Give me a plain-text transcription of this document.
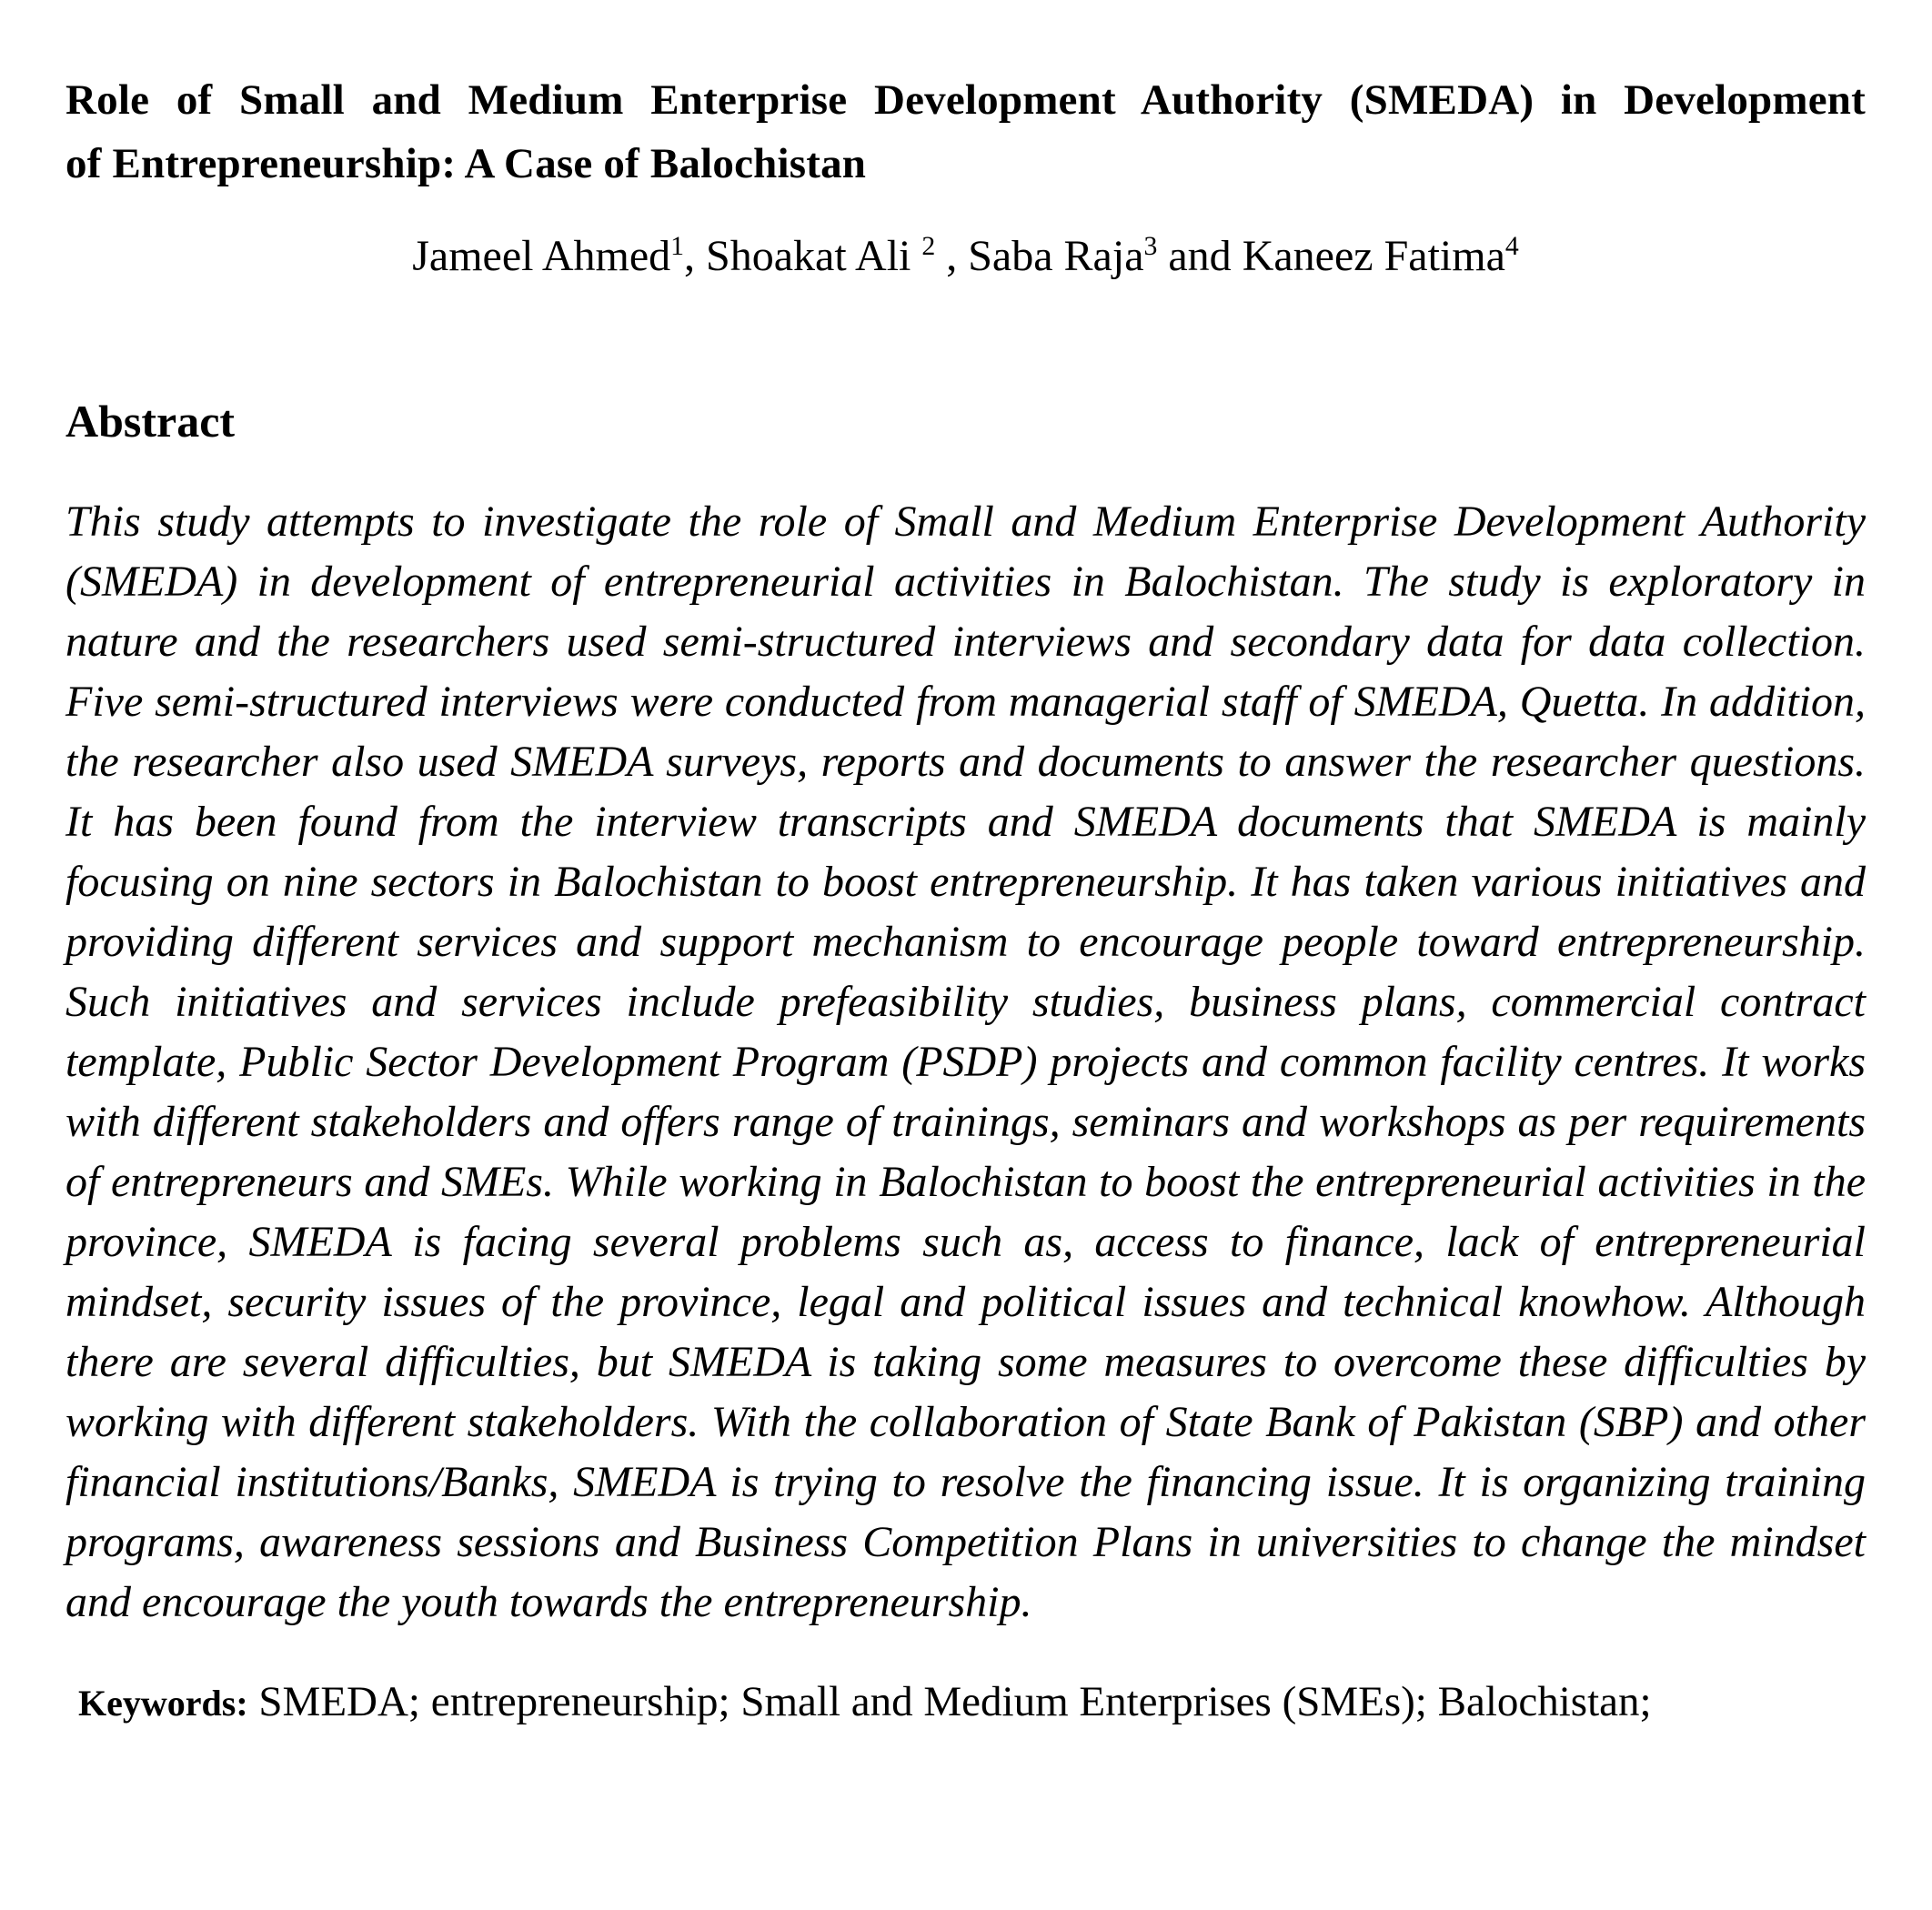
Role of Small and Medium Enterprise Development Authority (SMEDA) in Development
of Entrepreneurship: A Case of Balochistan
Jameel Ahmed$^1$, Shoakat Ali $^2$ , Saba Raja$^3$ and Kaneez Fatima$^4$
Abstract

This study attempts to investigate the role of Small and Medium Enterprise Development Authority (SMEDA) in development of entrepreneurial activities in Balochistan. The study is exploratory in nature and the researchers used semi-structured interviews and secondary data for data collection. Five semi-structured interviews were conducted from managerial staff of SMEDA, Quetta. In addition, the researcher also used SMEDA surveys, reports and documents to answer the researcher questions. It has been found from the interview transcripts and SMEDA documents that SMEDA is mainly focusing on nine sectors in Balochistan to boost entrepreneurship. It has taken various initiatives and providing different services and support mechanism to encourage people toward entrepreneurship. Such initiatives and services include prefeasibility studies, business plans, commercial contract template, Public Sector Development Program (PSDP) projects and common facility centres. It works with different stakeholders and offers range of trainings, seminars and workshops as per requirements of entrepreneurs and SMEs. While working in Balochistan to boost the entrepreneurial activities in the province, SMEDA is facing several problems such as, access to finance, lack of entrepreneurial mindset, security issues of the province, legal and political issues and technical knowhow. Although there are several difficulties, but SMEDA is taking some measures to overcome these difficulties by working with different stakeholders. With the collaboration of State Bank of Pakistan (SBP) and other financial institutions/Banks, SMEDA is trying to resolve the financing issue. It is organizing training programs, awareness sessions and Business Competition Plans in universities to change the mindset and encourage the youth towards the entrepreneurship.

Keywords: SMEDA; entrepreneurship; Small and Medium Enterprises (SMEs); Balochistan;
